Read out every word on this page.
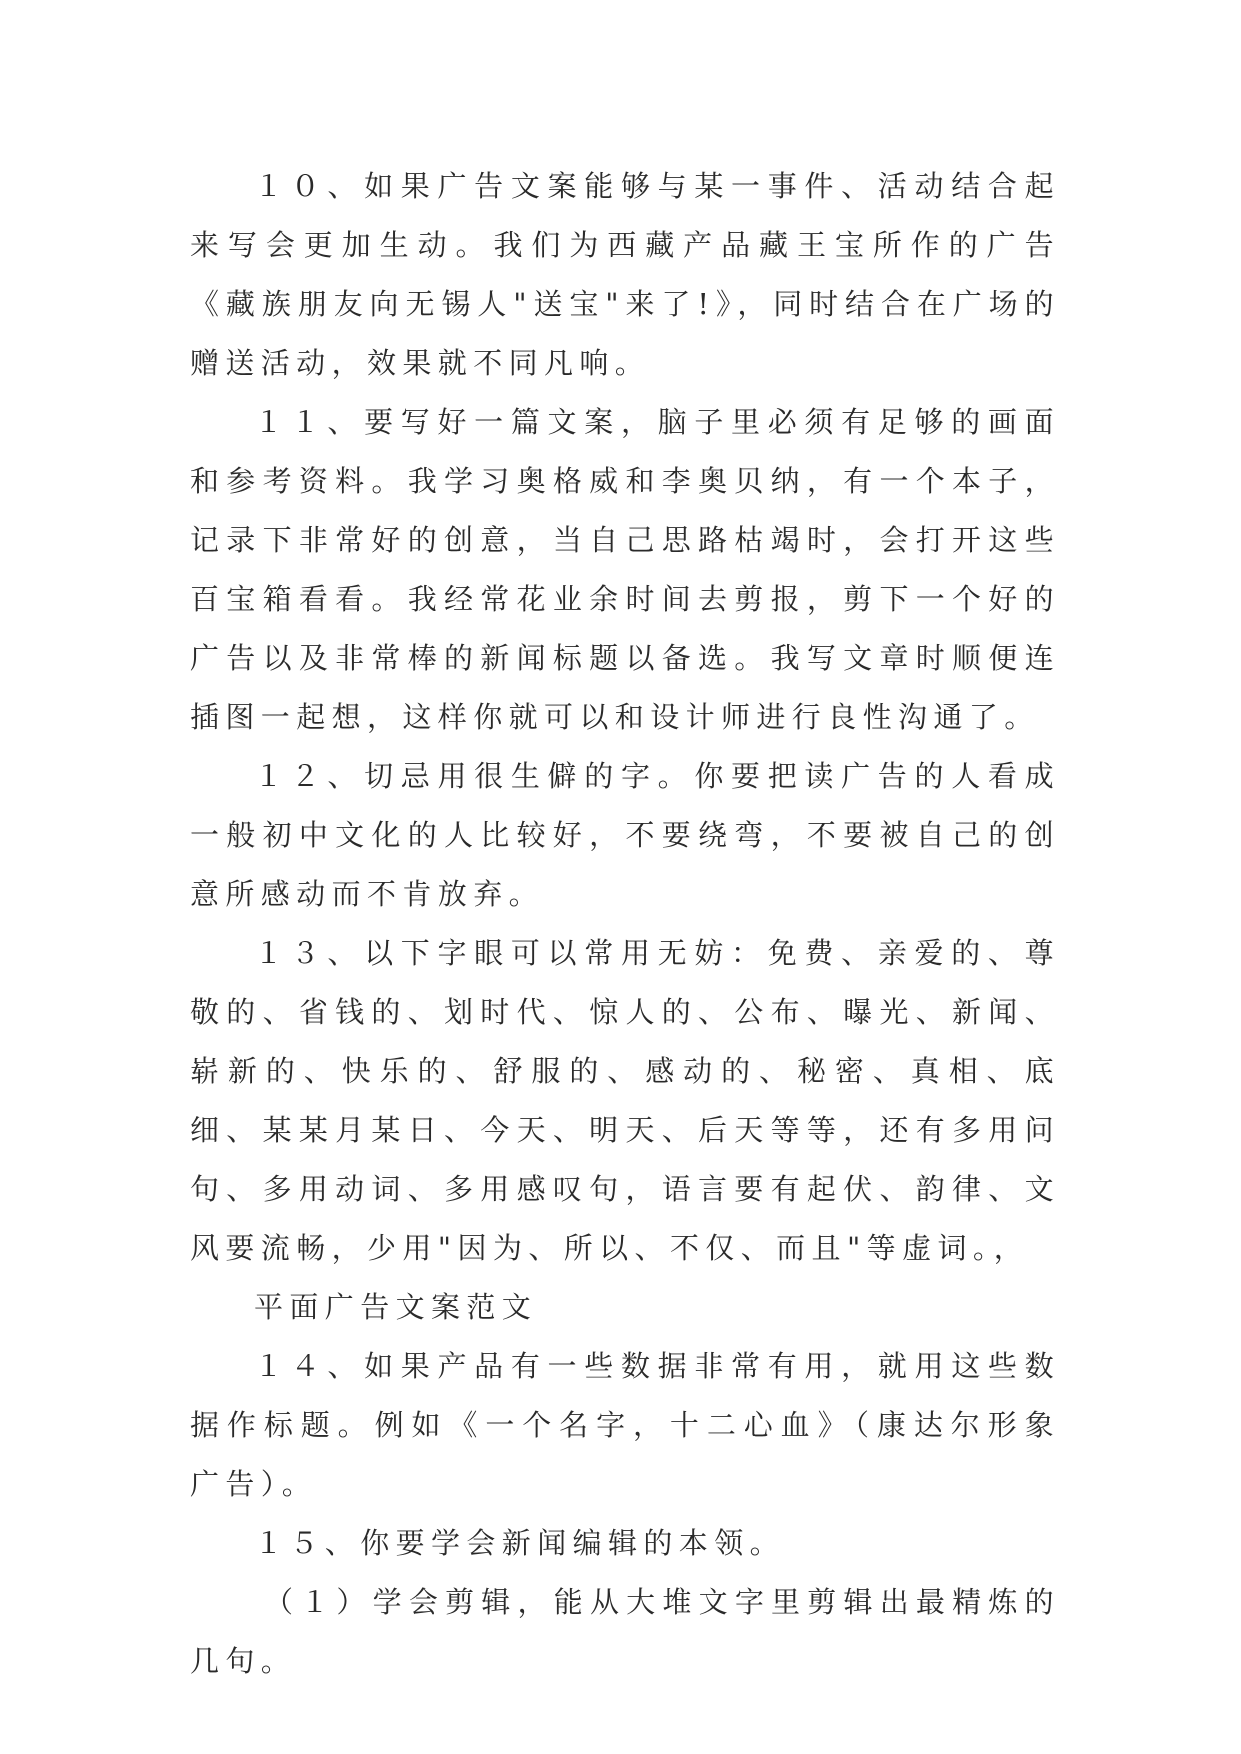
１０、如果广告文案能够与某一事件、活动结合起来写会更加生动。我们为西藏产品藏王宝所作的广告《藏族朋友向无锡人"送宝"来了!》，同时结合在广场的赠送活动，效果就不同凡响。

１１、要写好一篇文案，脑子里必须有足够的画面和参考资料。我学习奥格威和李奥贝纳，有一个本子，记录下非常好的创意，当自己思路枯竭时，会打开这些百宝箱看看。我经常花业余时间去剪报，剪下一个好的广告以及非常棒的新闻标题以备选。我写文章时顺便连插图一起想，这样你就可以和设计师进行良性沟通了。

１２、切忌用很生僻的字。你要把读广告的人看成一般初中文化的人比较好，不要绕弯，不要被自己的创意所感动而不肯放弃。

１３、以下字眼可以常用无妨：免费、亲爱的、尊敬的、省钱的、划时代、惊人的、公布、曝光、新闻、崭新的、快乐的、舒服的、感动的、秘密、真相、底细、某某月某日、今天、明天、后天等等，还有多用问句、多用动词、多用感叹句，语言要有起伏、韵律、文风要流畅，少用"因为、所以、不仅、而且"等虚词。，

平面广告文案范文

１４、如果产品有一些数据非常有用，就用这些数据作标题。例如《一个名字，十二心血》（康达尔形象广告）。

１５、你要学会新闻编辑的本领。

（１）学会剪辑，能从大堆文字里剪辑出最精炼的几句。
